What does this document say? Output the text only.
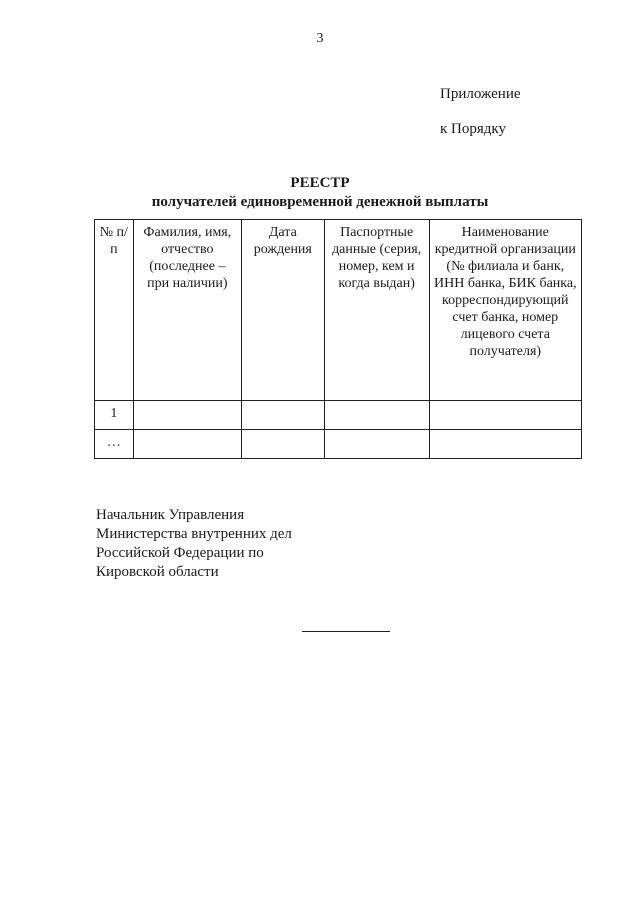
3
Приложение
к Порядку
РЕЕСТР
получателей единовременной денежной выплаты
№ п/п	Фамилия, имя, отчество (последнее – при наличии)	Дата рождения	Паспортные данные (серия, номер, кем и когда выдан)	Наименование кредитной организации (№ филиала и банк, ИНН банка, БИК банка, корреспондирующий счет банка, номер лицевого счета получателя)
1				
…				
Начальник Управления
Министерства внутренних дел
Российской Федерации по
Кировской области
